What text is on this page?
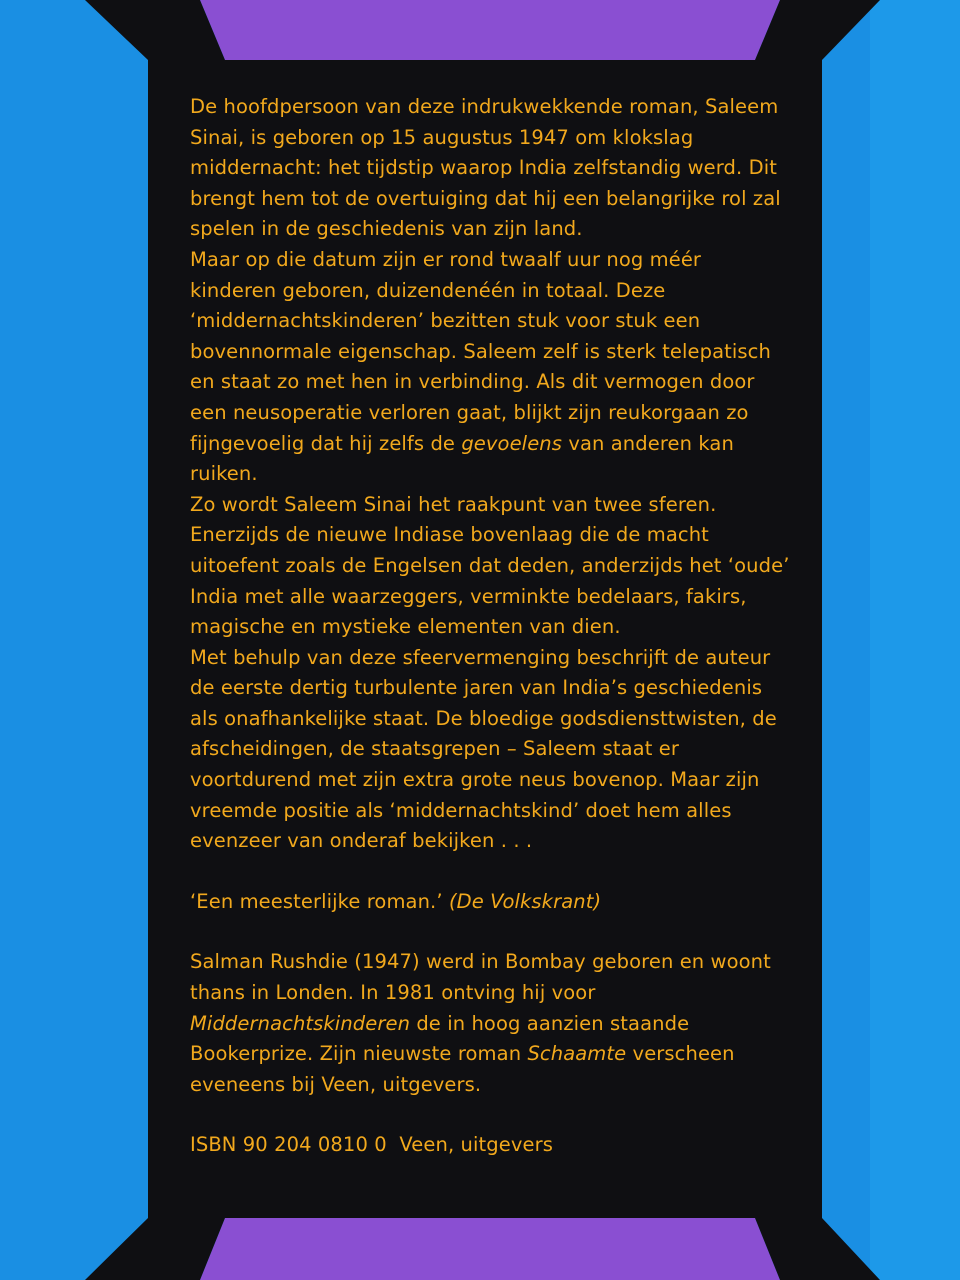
De hoofdpersoon van deze indrukwekkende roman, Saleem Sinai, is geboren op 15 augustus 1947 om klokslag middernacht: het tijdstip waarop India zelfstandig werd. Dit brengt hem tot de overtuiging dat hij een belangrijke rol zal spelen in de geschiedenis van zijn land.

Maar op die datum zijn er rond twaalf uur nog méér kinderen geboren, duizendenéén in totaal. Deze ‘middernachtskinderen’ bezitten stuk voor stuk een bovennormale eigenschap. Saleem zelf is sterk telepatisch en staat zo met hen in verbinding. Als dit vermogen door een neusoperatie verloren gaat, blijkt zijn reukorgaan zo fijngevoelig dat hij zelfs de gevoelens van anderen kan ruiken.

Zo wordt Saleem Sinai het raakpunt van twee sferen. Enerzijds de nieuwe Indiase bovenlaag die de macht uitoefent zoals de Engelsen dat deden, anderzijds het ‘oude’ India met alle waarzeggers, verminkte bedelaars, fakirs, magische en mystieke elementen van dien.

Met behulp van deze sfeervermenging beschrijft de auteur de eerste dertig turbulente jaren van India’s geschiedenis als onafhankelijke staat. De bloedige godsdiensttwisten, de afscheidingen, de staatsgrepen – Saleem staat er voortdurend met zijn extra grote neus bovenop. Maar zijn vreemde positie als ‘middernachtskind’ doet hem alles evenzeer van onderaf bekijken . . .

‘Een meesterlijke roman.’ (De Volkskrant)

Salman Rushdie (1947) werd in Bombay geboren en woont thans in Londen. In 1981 ontving hij voor Middernachtskinderen de in hoog aanzien staande Bookerprize. Zijn nieuwste roman Schaamte verscheen eveneens bij Veen, uitgevers.

ISBN 90 204 0810 0 Veen, uitgevers
